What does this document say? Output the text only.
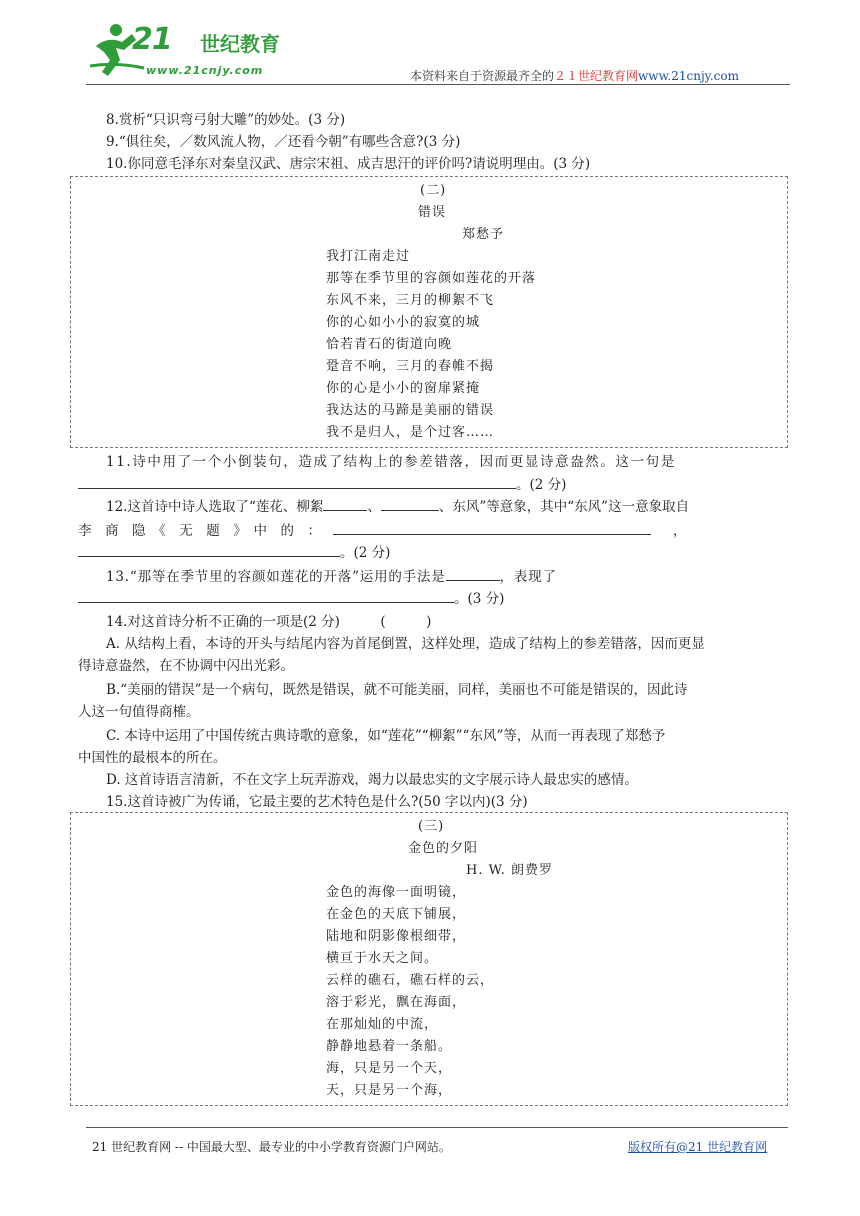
21 世纪教育
www.21cnjy.com	本资料来自于资源最齐全的２１世纪教育网www.21cnjy.com
8.赏析“只识弯弓射大雕”的妙处。(3 分)
9.“俱往矣，／数风流人物，／还看今朝”有哪些含意?(3 分)
10.你同意毛泽东对秦皇汉武、唐宗宋祖、成吉思汗的评价吗?请说明理由。(3 分)
(二)
错误
郑愁予
我打江南走过
那等在季节里的容颜如莲花的开落
东风不来，三月的柳絮不飞
你的心如小小的寂寞的城
恰若青石的街道向晚
跫音不响，三月的春帷不揭
你的心是小小的窗扉紧掩
我达达的马蹄是美丽的错误
我不是归人，是个过客……
11.诗中用了一个小倒装句，造成了结构上的参差错落，因而更显诗意盎然。这一句是
。(2 分)
12.这首诗中诗人选取了“莲花、柳絮	、	、东风”等意象，其中“东风”这一意象取自
李　商　隐　《　无　题　》　中　的　：	，
。(2 分)
13.“那等在季节里的容颜如莲花的开落”运用的手法是	，表现了
。(3 分)
14.对这首诗分析不正确的一项是(2 分)　　　(　　　)
A. 从结构上看，本诗的开头与结尾内容为首尾倒置，这样处理，造成了结构上的参差错落，因而更显
得诗意盎然，在不协调中闪出光彩。
B.“美丽的错误”是一个病句，既然是错误，就不可能美丽，同样，美丽也不可能是错误的，因此诗
人这一句值得商榷。
C. 本诗中运用了中国传统古典诗歌的意象，如“莲花”“柳絮”“东风”等，从而一再表现了郑愁予
中国性的最根本的所在。
D. 这首诗语言清新，不在文字上玩弄游戏，竭力以最忠实的文字展示诗人最忠实的感情。
15.这首诗被广为传诵，它最主要的艺术特色是什么?(50 字以内)(3 分)
(三)
金色的夕阳
H. W. 朗费罗
金色的海像一面明镜，
在金色的天底下铺展，
陆地和阴影像根细带，
横亘于水天之间。
云样的礁石，礁石样的云，
溶于彩光，飘在海面，
在那灿灿的中流，
静静地悬着一条船。
海，只是另一个天，
天，只是另一个海，
21 世纪教育网 -- 中国最大型、最专业的中小学教育资源门户网站。	版权所有@21 世纪教育网
